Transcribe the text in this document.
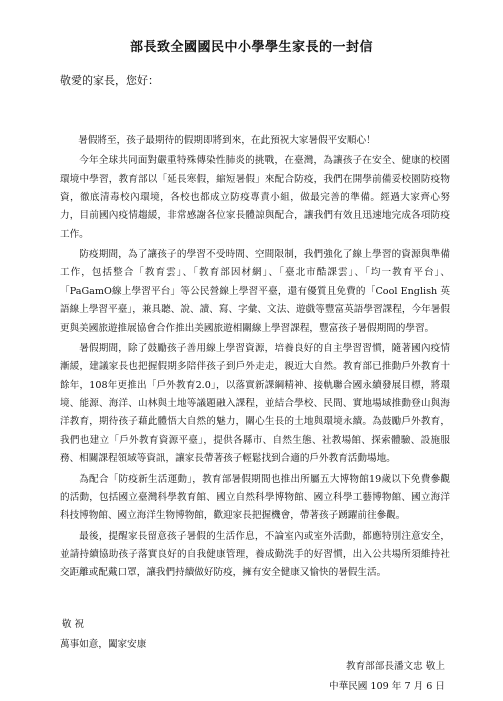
部長致全國國民中小學學生家長的一封信
敬愛的家長，您好：

暑假將至，孩子最期待的假期即將到來，在此預祝大家暑假平安順心！

今年全球共同面對嚴重特殊傳染性肺炎的挑戰，在臺灣，為讓孩子在安全、健康的校園環境中學習，教育部以「延長寒假，縮短暑假」來配合防疫，我們在開學前備妥校園防疫物資，徹底清毒校內環境，各校也都成立防疫專責小組，做最完善的準備。經過大家齊心努力，目前國內疫情趨緩，非常感謝各位家長體諒與配合，讓我們有效且迅速地完成各項防疫工作。

防疫期間，為了讓孩子的學習不受時間、空間限制，我們強化了線上學習的資源與準備工作，包括整合「教育雲」、「教育部因材網」、「臺北市酷課雲」、「均一教育平台」、「PaGamO線上學習平台」等公民營線上學習平臺，還有優質且免費的「Cool English 英語線上學習平臺」，兼具聽、說、讀、寫、字彙、文法、遊戲等豐富英語學習課程，今年暑假更與美國旅遊推展協會合作推出美國旅遊相關線上學習課程，豐富孩子暑假期間的學習。

暑假期間，除了鼓勵孩子善用線上學習資源，培養良好的自主學習習慣，隨著國內疫情漸緩，建議家長也把握假期多陪伴孩子到戶外走走，親近大自然。教育部已推動戶外教育十餘年，108年更推出「戶外教育2.0」，以落實新課綱精神、接軌聯合國永續發展目標，將環境、能源、海洋、山林與土地等議題融入課程，並結合學校、民間、實地場域推動登山與海洋教育，期待孩子藉此體悟大自然的魅力，關心生長的土地與環境永續。為鼓勵戶外教育，我們也建立「戶外教育資源平臺」，提供各縣市、自然生態、社教場館、探索體驗、設施服務、相關課程領域等資訊，讓家長帶著孩子輕鬆找到合適的戶外教育活動場地。

為配合「防疫新生活運動」，教育部暑假期間也推出所屬五大博物館19歲以下免費參觀的活動，包括國立臺灣科學教育館、國立自然科學博物館、國立科學工藝博物館、國立海洋科技博物館、國立海洋生物博物館，歡迎家長把握機會，帶著孩子踴躍前往參觀。

最後，提醒家長留意孩子暑假的生活作息，不論室內或室外活動，都應特別注意安全，並請持續協助孩子落實良好的自我健康管理，養成勤洗手的好習慣，出入公共場所須維持社交距離或配戴口罩，讓我們持續做好防疫，擁有安全健康又愉快的暑假生活。

敬 祝
萬事如意，闔家安康
教育部部長潘文忠 敬上
中華民國 109 年 7 月 6 日
